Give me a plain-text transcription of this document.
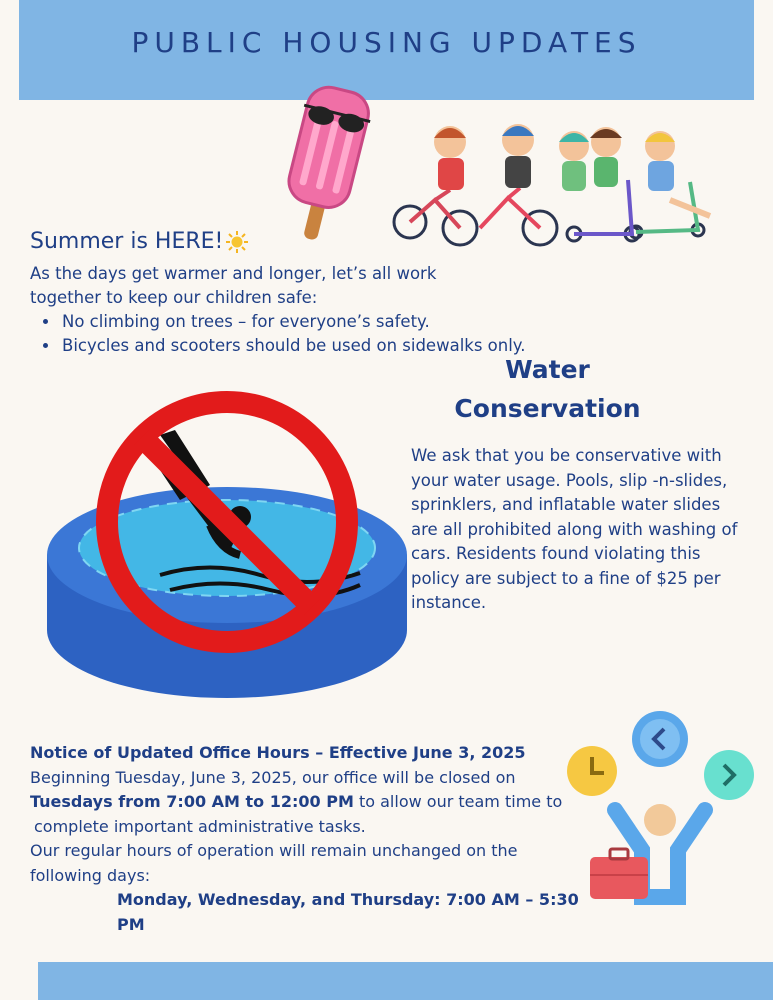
PUBLIC HOUSING UPDATES
Summer is HERE!
As the days get warmer and longer, let’s all work together to keep our children safe:
• No climbing on trees – for everyone’s safety.
• Bicycles and scooters should be used on sidewalks only.
Water Conservation
We ask that you be conservative with your water usage. Pools, slip -n-slides, sprinklers, and inflatable water slides are all prohibited along with washing of cars. Residents found violating this policy are subject to a fine of $25 per instance.
Notice of Updated Office Hours – Effective June 3, 2025
Beginning Tuesday, June 3, 2025, our office will be closed on
Tuesdays from 7:00 AM to 12:00 PM to allow our team time to
complete important administrative tasks.
Our regular hours of operation will remain unchanged on the following days:
Monday, Wednesday, and Thursday: 7:00 AM – 5:30 PM
